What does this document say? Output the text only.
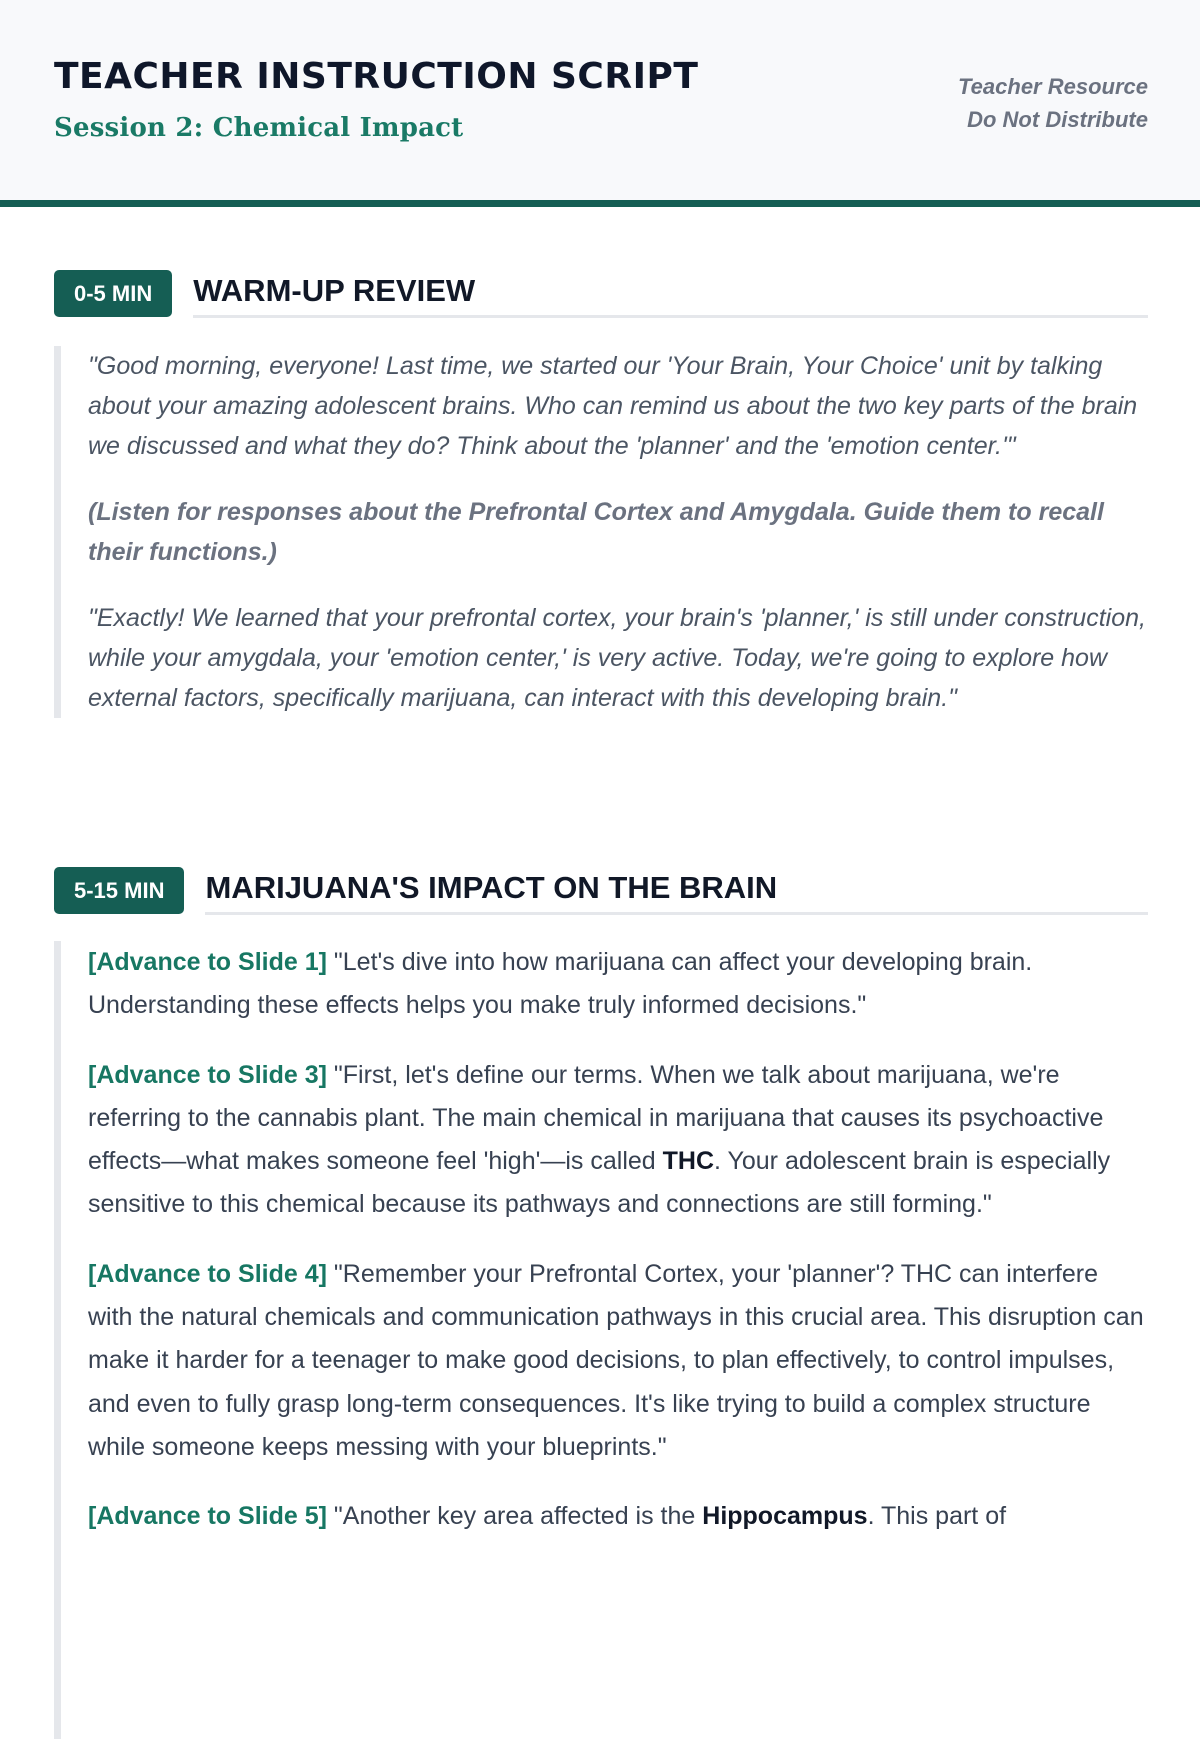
TEACHER INSTRUCTION SCRIPT
Session 2: Chemical Impact
Teacher Resource
Do Not Distribute
0-5 MIN	WARM-UP REVIEW

"Good morning, everyone! Last time, we started our 'Your Brain, Your Choice' unit by talking about your amazing adolescent brains. Who can remind us about the two key parts of the brain we discussed and what they do? Think about the 'planner' and the 'emotion center.'"

(Listen for responses about the Prefrontal Cortex and Amygdala. Guide them to recall their functions.)

"Exactly! We learned that your prefrontal cortex, your brain's 'planner,' is still under construction, while your amygdala, your 'emotion center,' is very active. Today, we're going to explore how external factors, specifically marijuana, can interact with this developing brain."

5-15 MIN	MARIJUANA'S IMPACT ON THE BRAIN

[Advance to Slide 1] "Let's dive into how marijuana can affect your developing brain. Understanding these effects helps you make truly informed decisions."

[Advance to Slide 3] "First, let's define our terms. When we talk about marijuana, we're referring to the cannabis plant. The main chemical in marijuana that causes its psychoactive effects—what makes someone feel 'high'—is called THC. Your adolescent brain is especially sensitive to this chemical because its pathways and connections are still forming."

[Advance to Slide 4] "Remember your Prefrontal Cortex, your 'planner'? THC can interfere with the natural chemicals and communication pathways in this crucial area. This disruption can make it harder for a teenager to make good decisions, to plan effectively, to control impulses, and even to fully grasp long-term consequences. It's like trying to build a complex structure while someone keeps messing with your blueprints."

[Advance to Slide 5] "Another key area affected is the Hippocampus. This part of
